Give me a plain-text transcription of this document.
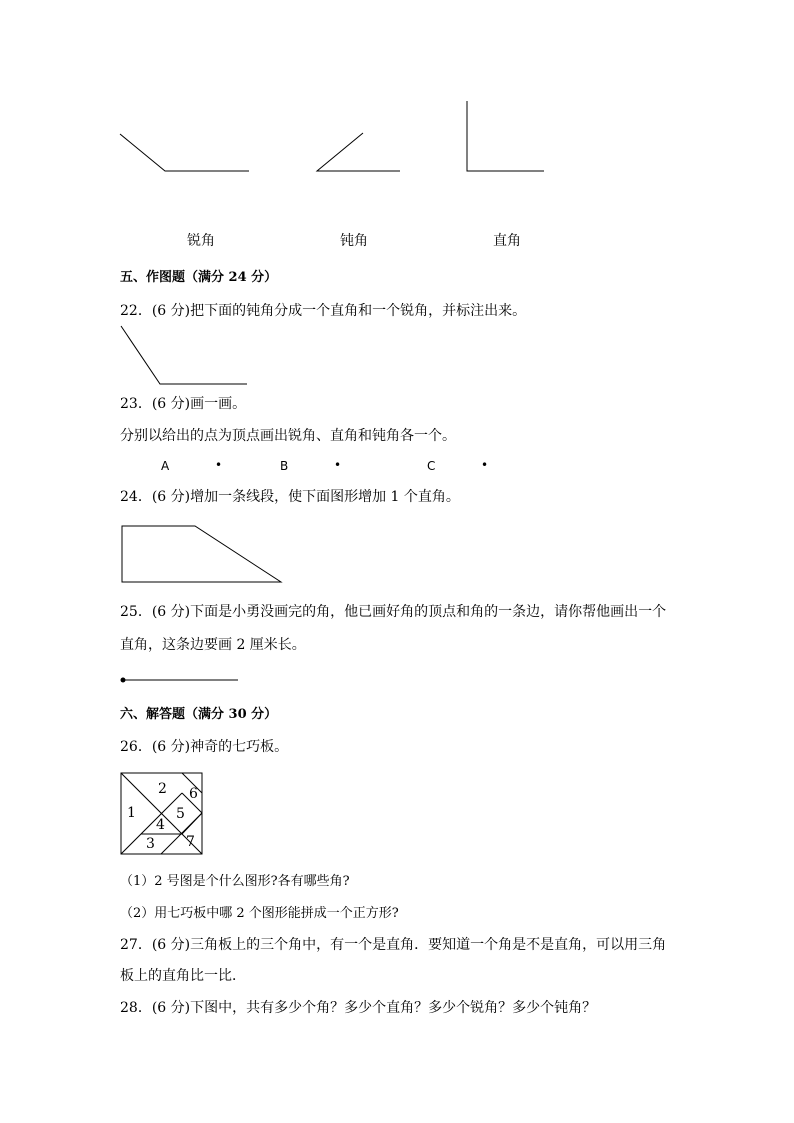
锐角	钝角	直角
五、作图题（满分 24 分）
22．(6 分)把下面的钝角分成一个直角和一个锐角，并标注出来。
23．(6 分)画一画。
分别以给出的点为顶点画出锐角、直角和钝角各一个。
A	•	B	•	C	•
24．(6 分)增加一条线段，使下面图形增加 1 个直角。
25．(6 分)下面是小勇没画完的角，他已画好角的顶点和角的一条边，请你帮他画出一个
直角，这条边要画 2 厘米长。
六、解答题（满分 30 分）
26．(6 分)神奇的七巧板。
1
2
3
4
5
6
7
（1）2 号图是个什么图形?各有哪些角?
（2）用七巧板中哪 2 个图形能拼成一个正方形?
27．(6 分)三角板上的三个角中，有一个是直角．要知道一个角是不是直角，可以用三角
板上的直角比一比．
28．(6 分)下图中，共有多少个角？多少个直角？多少个锐角？多少个钝角？
